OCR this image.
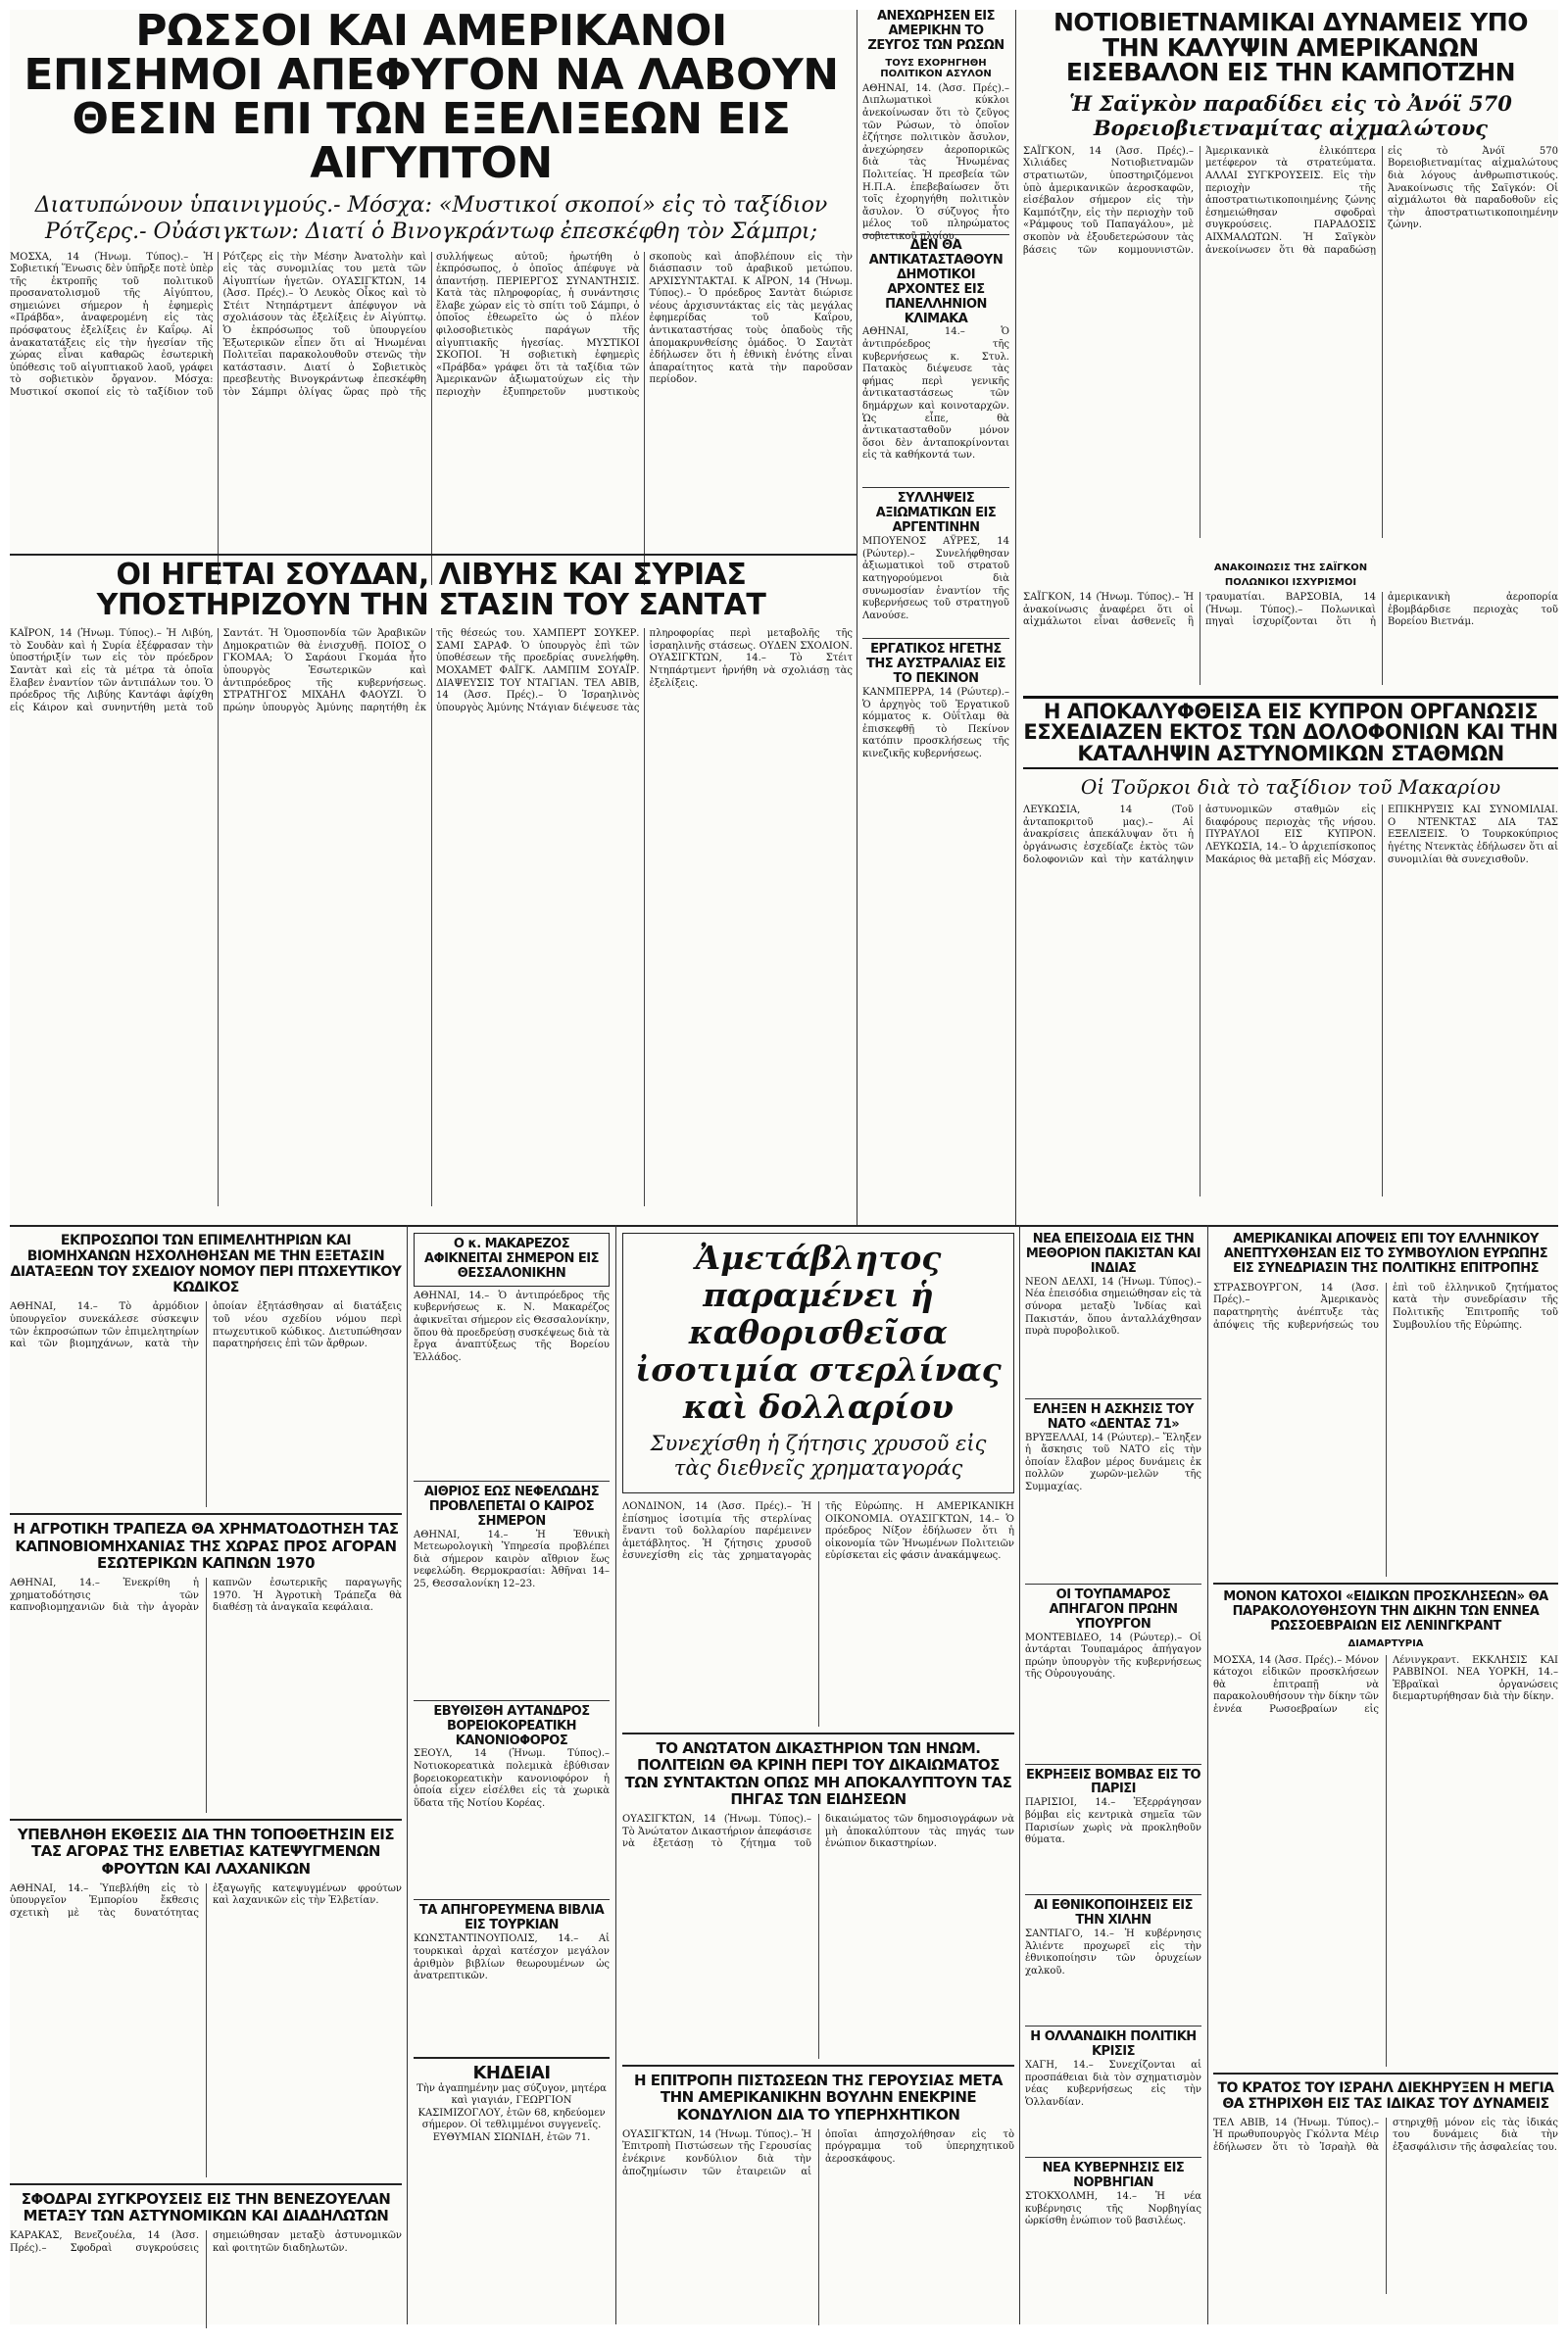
ΡΩΣΣΟΙ ΚΑΙ ΑΜΕΡΙΚΑΝΟΙ ΕΠΙΣΗΜΟΙ ΑΠΕΦΥΓΟΝ ΝΑ ΛΑΒΟΥΝ ΘΕΣΙΝ ΕΠΙ ΤΩΝ ΕΞΕΛΙΞΕΩΝ ΕΙΣ ΑΙΓΥΠΤΟΝ

Διατυπώνουν ὑπαινιγμούς.- Μόσχα: «Μυστικοί σκοποί» εἰς τὸ ταξίδιον Ρότζερς.- Οὐάσιγκτων: Διατί ὁ Βινογκράντωφ ἐπεσκέφθη τὸν Σάμπρι;

ΜΟΣΧΑ, 14 (Ἡνωμ. Τύπος).– Ἡ Σοβιετική Ἕνωσις δὲν ὑπῆρξε ποτὲ ὑπὲρ τῆς ἐκτροπῆς τοῦ πολιτικοῦ προσανατολισμοῦ τῆς Αἰγύπτου, σημειώνει σήμερον ἡ ἐφημερὶς «Πράβδα», ἀναφερομένη εἰς τὰς πρόσφατους ἐξελίξεις ἐν Καΐρῳ. Αἱ ἀνακατατάξεις εἰς τὴν ἡγεσίαν τῆς χώρας εἶναι καθαρῶς ἐσωτερικὴ ὑπόθεσις τοῦ αἰγυπτιακοῦ λαοῦ, γράφει τὸ σοβιετικὸν ὄργανον. Μόσχα: Μυστικοί σκοποί εἰς τὸ ταξίδιον τοῦ Ρότζερς εἰς τὴν Μέσην Ἀνατολὴν καὶ εἰς τὰς συνομιλίας του μετὰ τῶν Αἰγυπτίων ἡγετῶν. ΟΥΑΣΙΓΚΤΩΝ, 14 (Ἀσσ. Πρές).– Ὁ Λευκὸς Οἶκος καὶ τὸ Στέιτ Ντηπάρτμεντ ἀπέφυγον νὰ σχολιάσουν τὰς ἐξελίξεις ἐν Αἰγύπτῳ. Ὁ ἐκπρόσωπος τοῦ ὑπουργείου Ἐξωτερικῶν εἶπεν ὅτι αἱ Ἡνωμέναι Πολιτεῖαι παρακολουθοῦν στενῶς τὴν κατάστασιν. Διατί ὁ Σοβιετικὸς πρεσβευτὴς Βινογκράντωφ ἐπεσκέφθη τὸν Σάμπρι ὀλίγας ὥρας πρὸ τῆς συλλήψεως αὐτοῦ; ἠρωτήθη ὁ ἐκπρόσωπος, ὁ ὁποῖος ἀπέφυγε νὰ ἀπαντήσῃ. ΠΕΡΙΕΡΓΟΣ ΣΥΝΑΝΤΗΣΙΣ. Κατὰ τὰς πληροφορίας, ἡ συνάντησις ἔλαβε χώραν εἰς τὸ σπίτι τοῦ Σάμπρι, ὁ ὁποῖος ἐθεωρεῖτο ὡς ὁ πλέον φιλοσοβιετικὸς παράγων τῆς αἰγυπτιακῆς ἡγεσίας. ΜΥΣΤΙΚΟΙ ΣΚΟΠΟΙ. Ἡ σοβιετικὴ ἐφημερὶς «Πράβδα» γράφει ὅτι τὰ ταξίδια τῶν Ἀμερικανῶν ἀξιωματούχων εἰς τὴν περιοχὴν ἐξυπηρετοῦν μυστικοὺς σκοποὺς καὶ ἀποβλέπουν εἰς τὴν διάσπασιν τοῦ ἀραβικοῦ μετώπου. ΑΡΧΙΣΥΝΤΑΚΤΑΙ. Κ ΑΪΡΟΝ, 14 (Ἡνωμ. Τύπος).– Ὁ πρόεδρος Σαντὰτ διώρισε νέους ἀρχισυντάκτας εἰς τὰς μεγάλας ἐφημερίδας τοῦ Καΐρου, ἀντικαταστήσας τοὺς ὀπαδοὺς τῆς ἀπομακρυνθείσης ὁμάδος. Ὁ Σαντὰτ ἐδήλωσεν ὅτι ἡ ἐθνικὴ ἑνότης εἶναι ἀπαραίτητος κατὰ τὴν παροῦσαν περίοδον.

ΑΝΕΧΩΡΗΣΕΝ ΕΙΣ ΑΜΕΡΙΚΗΝ ΤΟ ΖΕΥΓΟΣ ΤΩΝ ΡΩΣΩΝ
ΤΟΥΣ ΕΧΟΡΗΓΗΘΗ ΠΟΛΙΤΙΚΟΝ ΑΣΥΛΟΝ

ΑΘΗΝΑΙ, 14. (Ἀσσ. Πρές).– Διπλωματικοὶ κύκλοι ἀνεκοίνωσαν ὅτι τὸ ζεῦγος τῶν Ρώσων, τὸ ὁποῖον ἐζήτησε πολιτικὸν ἄσυλον, ἀνεχώρησεν ἀεροπορικῶς διὰ τὰς Ἡνωμένας Πολιτείας. Ἡ πρεσβεία τῶν Η.Π.Α. ἐπεβεβαίωσεν ὅτι τοῖς ἐχορηγήθη πολιτικὸν ἄσυλον. Ὁ σύζυγος ἦτο μέλος τοῦ πληρώματος σοβιετικοῦ πλοίου.

ΔΕΝ ΘΑ ΑΝΤΙΚΑΤΑΣΤΑΘΟΥΝ ΔΗΜΟΤΙΚΟΙ ΑΡΧΟΝΤΕΣ ΕΙΣ ΠΑΝΕΛΛΗΝΙΟΝ ΚΛΙΜΑΚΑ

ΑΘΗΝΑΙ, 14.– Ὁ ἀντιπρόεδρος τῆς κυβερνήσεως κ. Στυλ. Πατακὸς διέψευσε τὰς φήμας περὶ γενικῆς ἀντικαταστάσεως τῶν δημάρχων καὶ κοινοταρχῶν. Ὡς εἶπε, θὰ ἀντικατασταθοῦν μόνον ὅσοι δὲν ἀνταποκρίνονται εἰς τὰ καθήκοντά των.

ΣΥΛΛΗΨΕΙΣ ΑΞΙΩΜΑΤΙΚΩΝ ΕΙΣ ΑΡΓΕΝΤΙΝΗΝ

ΜΠΟΥΕΝΟΣ ΑΫΡΕΣ, 14 (Ρώυτερ).– Συνελήφθησαν ἀξιωματικοὶ τοῦ στρατοῦ κατηγορούμενοι διὰ συνωμοσίαν ἐναντίον τῆς κυβερνήσεως τοῦ στρατηγοῦ Λανούσε.

ΕΡΓΑΤΙΚΟΣ ΗΓΕΤΗΣ ΤΗΣ ΑΥΣΤΡΑΛΙΑΣ ΕΙΣ ΤΟ ΠΕΚΙΝΟΝ

ΚΑΝΜΠΕΡΡΑ, 14 (Ρώυτερ).– Ὁ ἀρχηγὸς τοῦ Ἐργατικοῦ κόμματος κ. Οὐΐτλαμ θὰ ἐπισκεφθῇ τὸ Πεκίνον κατόπιν προσκλήσεως τῆς κινεζικῆς κυβερνήσεως.

ΝΟΤΙΟΒΙΕΤΝΑΜΙΚΑΙ ΔΥΝΑΜΕΙΣ ΥΠΟ ΤΗΝ ΚΑΛΥΨΙΝ ΑΜΕΡΙΚΑΝΩΝ ΕΙΣΕΒΑΛΟΝ ΕΙΣ ΤΗΝ ΚΑΜΠΟΤΖΗΝ

Ἡ Σαϊγκὸν παραδίδει εἰς τὸ Ἀνόϊ 570 Βορειοβιετναμίτας αἰχμαλώτους

ΣΑΪΓΚΟΝ, 14 (Ἀσσ. Πρές).– Χιλιάδες Νοτιοβιετναμῶν στρατιωτῶν, ὑποστηριζόμενοι ὑπὸ ἀμερικανικῶν ἀεροσκαφῶν, εἰσέβαλον σήμερον εἰς τὴν Καμπότζην, εἰς τὴν περιοχὴν τοῦ «Ράμφους τοῦ Παπαγάλου», μὲ σκοπὸν νὰ ἐξουδετερώσουν τὰς βάσεις τῶν κομμουνιστῶν. Ἀμερικανικὰ ἐλικόπτερα μετέφερον τὰ στρατεύματα. ΑΛΛΑΙ ΣΥΓΚΡΟΥΣΕΙΣ. Εἰς τὴν περιοχὴν τῆς ἀποστρατιωτικοποιημένης ζώνης ἐσημειώθησαν σφοδραὶ συγκρούσεις. ΠΑΡΑΔΟΣΙΣ ΑΙΧΜΑΛΩΤΩΝ. Ἡ Σαϊγκὸν ἀνεκοίνωσεν ὅτι θὰ παραδώσῃ εἰς τὸ Ἀνόϊ 570 Βορειοβιετναμίτας αἰχμαλώτους διὰ λόγους ἀνθρωπιστικούς. Ἀνακοίνωσις τῆς Σαϊγκόν: Οἱ αἰχμάλωτοι θὰ παραδοθοῦν εἰς τὴν ἀποστρατιωτικοποιημένην ζώνην.

ΑΝΑΚΟΙΝΩΣΙΣ ΤΗΣ ΣΑΪΓΚΟΝ
ΠΟΛΩΝΙΚΟΙ ΙΣΧΥΡΙΣΜΟΙ

ΣΑΪΓΚΟΝ, 14 (Ἡνωμ. Τύπος).– Ἡ ἀνακοίνωσις ἀναφέρει ὅτι οἱ αἰχμάλωτοι εἶναι ἀσθενεῖς ἢ τραυματίαι. ΒΑΡΣΟΒΙΑ, 14 (Ἡνωμ. Τύπος).– Πολωνικαὶ πηγαὶ ἰσχυρίζονται ὅτι ἡ ἀμερικανικὴ ἀεροπορία ἐβομβάρδισε περιοχὰς τοῦ Βορείου Βιετνάμ.

ΟΙ ΗΓΕΤΑΙ ΣΟΥΔΑΝ, ΛΙΒΥΗΣ ΚΑΙ ΣΥΡΙΑΣ ΥΠΟΣΤΗΡΙΖΟΥΝ ΤΗΝ ΣΤΑΣΙΝ ΤΟΥ ΣΑΝΤΑΤ

ΚΑΪΡΟΝ, 14 (Ἡνωμ. Τύπος).– Ἡ Λιβύη, τὸ Σουδὰν καὶ ἡ Συρία ἐξέφρασαν τὴν ὑποστήριξίν των εἰς τὸν πρόεδρον Σαντὰτ καὶ εἰς τὰ μέτρα τὰ ὁποῖα ἔλαβεν ἐναντίον τῶν ἀντιπάλων του. Ὁ πρόεδρος τῆς Λιβύης Καντάφι ἀφίχθη εἰς Κάιρον καὶ συνηντήθη μετὰ τοῦ Σαντάτ. Ἡ Ὁμοσπονδία τῶν Ἀραβικῶν Δημοκρατιῶν θὰ ἐνισχυθῇ. ΠΟΙΟΣ Ο ΓΚΟΜΑΑ; Ὁ Σαράουι Γκομάα ἦτο ὑπουργὸς Ἐσωτερικῶν καὶ ἀντιπρόεδρος τῆς κυβερνήσεως. ΣΤΡΑΤΗΓΟΣ ΜΙΧΑΗΛ ΦΑΟΥΖΙ. Ὁ πρώην ὑπουργὸς Ἀμύνης παρητήθη ἐκ τῆς θέσεώς του. ΧΑΜΠΕΡΤ ΣΟΥΚΕΡ. ΣΑΜΙ ΣΑΡΑΦ. Ὁ ὑπουργὸς ἐπὶ τῶν ὑποθέσεων τῆς προεδρίας συνελήφθη. ΜΟΧΑΜΕΤ ΦΑΪΓΚ. ΛΑΜΠΙΜ ΣΟΥΑΪΡ. ΔΙΑΨΕΥΣΙΣ ΤΟΥ ΝΤΑΓΙΑΝ. ΤΕΛ ΑΒΙΒ, 14 (Ἀσσ. Πρές).– Ὁ Ἰσραηλινὸς ὑπουργὸς Ἀμύνης Ντάγιαν διέψευσε τὰς πληροφορίας περὶ μεταβολῆς τῆς ἰσραηλινῆς στάσεως. ΟΥΔΕΝ ΣΧΟΛΙΟΝ. ΟΥΑΣΙΓΚΤΩΝ, 14.– Τὸ Στέιτ Ντηπάρτμεντ ἠρνήθη νὰ σχολιάσῃ τὰς ἐξελίξεις.

Η ΑΠΟΚΑΛΥΦΘΕΙΣΑ ΕΙΣ ΚΥΠΡΟΝ ΟΡΓΑΝΩΣΙΣ ΕΣΧΕΔΙΑΖΕΝ ΕΚΤΟΣ ΤΩΝ ΔΟΛΟΦΟΝΙΩΝ ΚΑΙ ΤΗΝ ΚΑΤΑΛΗΨΙΝ ΑΣΤΥΝΟΜΙΚΩΝ ΣΤΑΘΜΩΝ

Οἱ Τοῦρκοι διὰ τὸ ταξίδιον τοῦ Μακαρίου

ΛΕΥΚΩΣΙΑ, 14 (Τοῦ ἀνταποκριτοῦ μας).– Αἱ ἀνακρίσεις ἀπεκάλυψαν ὅτι ἡ ὀργάνωσις ἐσχεδίαζε ἐκτὸς τῶν δολοφονιῶν καὶ τὴν κατάληψιν ἀστυνομικῶν σταθμῶν εἰς διαφόρους περιοχὰς τῆς νήσου. ΠΥΡΑΥΛΟΙ ΕΙΣ ΚΥΠΡΟΝ. ΛΕΥΚΩΣΙΑ, 14.– Ὁ ἀρχιεπίσκοπος Μακάριος θὰ μεταβῇ εἰς Μόσχαν. ΕΠΙΚΗΡΥΞΙΣ ΚΑΙ ΣΥΝΟΜΙΛΙΑΙ. Ο ΝΤΕΝΚΤΑΣ ΔΙΑ ΤΑΣ ΕΞΕΛΙΞΕΙΣ. Ὁ Τουρκοκύπριος ἡγέτης Ντενκτὰς ἐδήλωσεν ὅτι αἱ συνομιλίαι θὰ συνεχισθοῦν.

ΕΚΠΡΟΣΩΠΟΙ ΤΩΝ ΕΠΙΜΕΛΗΤΗΡΙΩΝ ΚΑΙ ΒΙΟΜΗΧΑΝΩΝ ΗΣΧΟΛΗΘΗΣΑΝ ΜΕ ΤΗΝ ΕΞΕΤΑΣΙΝ ΔΙΑΤΑΞΕΩΝ ΤΟΥ ΣΧΕΔΙΟΥ ΝΟΜΟΥ ΠΕΡΙ ΠΤΩΧΕΥΤΙΚΟΥ ΚΩΔΙΚΟΣ

ΑΘΗΝΑΙ, 14.– Τὸ ἀρμόδιον ὑπουργεῖον συνεκάλεσε σύσκεψιν τῶν ἐκπροσώπων τῶν ἐπιμελητηρίων καὶ τῶν βιομηχάνων, κατὰ τὴν ὁποίαν ἐξητάσθησαν αἱ διατάξεις τοῦ νέου σχεδίου νόμου περὶ πτωχευτικοῦ κώδικος. Διετυπώθησαν παρατηρήσεις ἐπὶ τῶν ἄρθρων.

Η ΑΓΡΟΤΙΚΗ ΤΡΑΠΕΖΑ ΘΑ ΧΡΗΜΑΤΟΔΟΤΗΣΗ ΤΑΣ ΚΑΠΝΟΒΙΟΜΗΧΑΝΙΑΣ ΤΗΣ ΧΩΡΑΣ ΠΡΟΣ ΑΓΟΡΑΝ ΕΣΩΤΕΡΙΚΩΝ ΚΑΠΝΩΝ 1970

ΑΘΗΝΑΙ, 14.– Ἐνεκρίθη ἡ χρηματοδότησις τῶν καπνοβιομηχανιῶν διὰ τὴν ἀγορὰν καπνῶν ἐσωτερικῆς παραγωγῆς 1970. Ἡ Ἀγροτικὴ Τράπεζα θὰ διαθέσῃ τὰ ἀναγκαῖα κεφάλαια.

ΥΠΕΒΛΗΘΗ ΕΚΘΕΣΙΣ ΔΙΑ ΤΗΝ ΤΟΠΟΘΕΤΗΣΙΝ ΕΙΣ ΤΑΣ ΑΓΟΡΑΣ ΤΗΣ ΕΛΒΕΤΙΑΣ ΚΑΤΕΨΥΓΜΕΝΩΝ ΦΡΟΥΤΩΝ ΚΑΙ ΛΑΧΑΝΙΚΩΝ

ΑΘΗΝΑΙ, 14.– Ὑπεβλήθη εἰς τὸ ὑπουργεῖον Ἐμπορίου ἔκθεσις σχετικὴ μὲ τὰς δυνατότητας ἐξαγωγῆς κατεψυγμένων φρούτων καὶ λαχανικῶν εἰς τὴν Ἑλβετίαν.

ΣΦΟΔΡΑΙ ΣΥΓΚΡΟΥΣΕΙΣ ΕΙΣ ΤΗΝ ΒΕΝΕΖΟΥΕΛΑΝ ΜΕΤΑΞΥ ΤΩΝ ΑΣΤΥΝΟΜΙΚΩΝ ΚΑΙ ΔΙΑΔΗΛΩΤΩΝ

ΚΑΡΑΚΑΣ, Βενεζουέλα, 14 (Ἀσσ. Πρές).– Σφοδραὶ συγκρούσεις σημειώθησαν μεταξὺ ἀστυνομικῶν καὶ φοιτητῶν διαδηλωτῶν.

Ο κ. ΜΑΚΑΡΕΖΟΣ ΑΦΙΚΝΕΙΤΑΙ ΣΗΜΕΡΟΝ ΕΙΣ ΘΕΣΣΑΛΟΝΙΚΗΝ

ΑΘΗΝΑΙ, 14.– Ὁ ἀντιπρόεδρος τῆς κυβερνήσεως κ. Ν. Μακαρέζος ἀφικνεῖται σήμερον εἰς Θεσσαλονίκην, ὅπου θὰ προεδρεύσῃ συσκέψεως διὰ τὰ ἔργα ἀναπτύξεως τῆς Βορείου Ἑλλάδος.

ΑΙΘΡΙΟΣ ΕΩΣ ΝΕΦΕΛΩΔΗΣ ΠΡΟΒΛΕΠΕΤΑΙ Ο ΚΑΙΡΟΣ ΣΗΜΕΡΟΝ

ΑΘΗΝΑΙ, 14.– Ἡ Ἐθνικὴ Μετεωρολογικὴ Ὑπηρεσία προβλέπει διὰ σήμερον καιρὸν αἴθριον ἕως νεφελώδη. Θερμοκρασίαι: Ἀθῆναι 14–25, Θεσσαλονίκη 12–23.

ΕΒΥΘΙΣΘΗ ΑΥΤΑΝΔΡΟΣ ΒΟΡΕΙΟΚΟΡΕΑΤΙΚΗ ΚΑΝΟΝΙΟΦΟΡΟΣ

ΣΕΟΥΛ, 14 (Ἡνωμ. Τύπος).– Νοτιοκορεατικὰ πολεμικὰ ἐβύθισαν βορειοκορεατικὴν κανονιοφόρον ἡ ὁποία εἶχεν εἰσέλθει εἰς τὰ χωρικὰ ὕδατα τῆς Νοτίου Κορέας.

ΤΑ ΑΠΗΓΟΡΕΥΜΕΝΑ ΒΙΒΛΙΑ ΕΙΣ ΤΟΥΡΚΙΑΝ

ΚΩΝΣΤΑΝΤΙΝΟΥΠΟΛΙΣ, 14.– Αἱ τουρκικαὶ ἀρχαὶ κατέσχον μεγάλον ἀριθμὸν βιβλίων θεωρουμένων ὡς ἀνατρεπτικῶν.

ΚΗΔΕΙΑΙ

Τὴν ἀγαπημένην μας σύζυγον, μητέρα καὶ γιαγιάν, ΓΕΩΡΓΙΟΝ ΚΑΣΙΜΙΖΟΓΛΟΥ, ἐτῶν 68, κηδεύομεν σήμερον. Οἱ τεθλιμμένοι συγγενεῖς. ΕΥΘΥΜΙΑΝ ΣΙΩΝΙΔΗ, ἐτῶν 71.

Ἀμετάβλητος παραμένει ἡ καθορισθεῖσα ἰσοτιμία στερλίνας καὶ δολλαρίου

Συνεχίσθη ἡ ζήτησις χρυσοῦ εἰς τὰς διεθνεῖς χρηματαγοράς

ΛΟΝΔΙΝΟΝ, 14 (Ἀσσ. Πρές).– Ἡ ἐπίσημος ἰσοτιμία τῆς στερλίνας ἔναντι τοῦ δολλαρίου παρέμεινεν ἀμετάβλητος. Ἡ ζήτησις χρυσοῦ ἐσυνεχίσθη εἰς τὰς χρηματαγορὰς τῆς Εὐρώπης. Η ΑΜΕΡΙΚΑΝΙΚΗ ΟΙΚΟΝΟΜΙΑ. ΟΥΑΣΙΓΚΤΩΝ, 14.– Ὁ πρόεδρος Νίξον ἐδήλωσεν ὅτι ἡ οἰκονομία τῶν Ἡνωμένων Πολιτειῶν εὑρίσκεται εἰς φάσιν ἀνακάμψεως.

ΤΟ ΑΝΩΤΑΤΟΝ ΔΙΚΑΣΤΗΡΙΟΝ ΤΩΝ ΗΝΩΜ. ΠΟΛΙΤΕΙΩΝ ΘΑ ΚΡΙΝΗ ΠΕΡΙ ΤΟΥ ΔΙΚΑΙΩΜΑΤΟΣ ΤΩΝ ΣΥΝΤΑΚΤΩΝ ΟΠΩΣ ΜΗ ΑΠΟΚΑΛΥΠΤΟΥΝ ΤΑΣ ΠΗΓΑΣ ΤΩΝ ΕΙΔΗΣΕΩΝ

ΟΥΑΣΙΓΚΤΩΝ, 14 (Ἡνωμ. Τύπος).– Τὸ Ἀνώτατον Δικαστήριον ἀπεφάσισε νὰ ἐξετάσῃ τὸ ζήτημα τοῦ δικαιώματος τῶν δημοσιογράφων νὰ μὴ ἀποκαλύπτουν τὰς πηγάς των ἐνώπιον δικαστηρίων.

Η ΕΠΙΤΡΟΠΗ ΠΙΣΤΩΣΕΩΝ ΤΗΣ ΓΕΡΟΥΣΙΑΣ ΜΕΤΑ ΤΗΝ ΑΜΕΡΙΚΑΝΙΚΗΝ ΒΟΥΛΗΝ ΕΝΕΚΡΙΝΕ ΚΟΝΔΥΛΙΟΝ ΔΙΑ ΤΟ ΥΠΕΡΗΧΗΤΙΚΟΝ

ΟΥΑΣΙΓΚΤΩΝ, 14 (Ἡνωμ. Τύπος).– Ἡ Ἐπιτροπὴ Πιστώσεων τῆς Γερουσίας ἐνέκρινε κονδύλιον διὰ τὴν ἀποζημίωσιν τῶν ἐταιρειῶν αἱ ὁποῖαι ἀπησχολήθησαν εἰς τὸ πρόγραμμα τοῦ ὑπερηχητικοῦ ἀεροσκάφους.

ΝΕΑ ΕΠΕΙΣΟΔΙΑ ΕΙΣ ΤΗΝ ΜΕΘΟΡΙΟΝ ΠΑΚΙΣΤΑΝ ΚΑΙ ΙΝΔΙΑΣ

ΝΕΟΝ ΔΕΛΧΙ, 14 (Ἡνωμ. Τύπος).– Νέα ἐπεισόδια σημειώθησαν εἰς τὰ σύνορα μεταξὺ Ἰνδίας καὶ Πακιστάν, ὅπου ἀνταλλάχθησαν πυρὰ πυροβολικοῦ.

ΕΛΗΞΕΝ Η ΑΣΚΗΣΙΣ ΤΟΥ ΝΑΤΟ «ΔΕΝΤΑΣ 71»

ΒΡΥΞΕΛΛΑΙ, 14 (Ρώυτερ).– Ἔληξεν ἡ ἄσκησις τοῦ ΝΑΤΟ εἰς τὴν ὁποίαν ἔλαβον μέρος δυνάμεις ἐκ πολλῶν χωρῶν-μελῶν τῆς Συμμαχίας.

ΟΙ ΤΟΥΠΑΜΑΡΟΣ ΑΠΗΓΑΓΟΝ ΠΡΩΗΝ ΥΠΟΥΡΓΟΝ

ΜΟΝΤΕΒΙΔΕΟ, 14 (Ρώυτερ).– Οἱ ἀντάρται Τουπαμάρος ἀπήγαγον πρώην ὑπουργὸν τῆς κυβερνήσεως τῆς Οὐρουγουάης.

ΕΚΡΗΞΕΙΣ ΒΟΜΒΑΣ ΕΙΣ ΤΟ ΠΑΡΙΣΙ

ΠΑΡΙΣΙΟΙ, 14.– Ἐξερράγησαν βόμβαι εἰς κεντρικὰ σημεῖα τῶν Παρισίων χωρὶς νὰ προκληθοῦν θύματα.

ΑΙ ΕΘΝΙΚΟΠΟΙΗΣΕΙΣ ΕΙΣ ΤΗΝ ΧΙΛΗΝ

ΣΑΝΤΙΑΓΟ, 14.– Ἡ κυβέρνησις Ἀλιέντε προχωρεῖ εἰς τὴν ἐθνικοποίησιν τῶν ὀρυχείων χαλκοῦ.

Η ΟΛΛΑΝΔΙΚΗ ΠΟΛΙΤΙΚΗ ΚΡΙΣΙΣ

ΧΑΓΗ, 14.– Συνεχίζονται αἱ προσπάθειαι διὰ τὸν σχηματισμὸν νέας κυβερνήσεως εἰς τὴν Ὁλλανδίαν.

ΝΕΑ ΚΥΒΕΡΝΗΣΙΣ ΕΙΣ ΝΟΡΒΗΓΙΑΝ

ΣΤΟΚΧΟΛΜΗ, 14.– Ἡ νέα κυβέρνησις τῆς Νορβηγίας ὡρκίσθη ἐνώπιον τοῦ βασιλέως.

ΑΜΕΡΙΚΑΝΙΚΑΙ ΑΠΟΨΕΙΣ ΕΠΙ ΤΟΥ ΕΛΛΗΝΙΚΟΥ ΑΝΕΠΤΥΧΘΗΣΑΝ ΕΙΣ ΤΟ ΣΥΜΒΟΥΛΙΟΝ ΕΥΡΩΠΗΣ ΕΙΣ ΣΥΝΕΔΡΙΑΣΙΝ ΤΗΣ ΠΟΛΙΤΙΚΗΣ ΕΠΙΤΡΟΠΗΣ

ΣΤΡΑΣΒΟΥΡΓΟΝ, 14 (Ἀσσ. Πρές).– Ἀμερικανὸς παρατηρητὴς ἀνέπτυξε τὰς ἀπόψεις τῆς κυβερνήσεώς του ἐπὶ τοῦ ἑλληνικοῦ ζητήματος κατὰ τὴν συνεδρίασιν τῆς Πολιτικῆς Ἐπιτροπῆς τοῦ Συμβουλίου τῆς Εὐρώπης.

ΜΟΝΟΝ ΚΑΤΟΧΟΙ «ΕΙΔΙΚΩΝ ΠΡΟΣΚΛΗΣΕΩΝ» ΘΑ ΠΑΡΑΚΟΛΟΥΘΗΣΟΥΝ ΤΗΝ ΔΙΚΗΝ ΤΩΝ ΕΝΝΕΑ ΡΩΣΣΟΕΒΡΑΙΩΝ ΕΙΣ ΛΕΝΙΝΓΚΡΑΝΤ
ΔΙΑΜΑΡΤΥΡΙΑ

ΜΟΣΧΑ, 14 (Ἀσσ. Πρές).– Μόνον κάτοχοι εἰδικῶν προσκλήσεων θὰ ἐπιτραπῇ νὰ παρακολουθήσουν τὴν δίκην τῶν ἐννέα Ρωσοεβραίων εἰς Λένινγκραντ. ΕΚΚΛΗΣΙΣ ΚΑΙ ΡΑΒΒΙΝΟΙ. ΝΕΑ ΥΟΡΚΗ, 14.– Ἑβραϊκαὶ ὀργανώσεις διεμαρτυρήθησαν διὰ τὴν δίκην.

ΤΟ ΚΡΑΤΟΣ ΤΟΥ ΙΣΡΑΗΛ ΔΙΕΚΗΡΥΞΕΝ Η ΜΕΓΙΑ ΘΑ ΣΤΗΡΙΧΘΗ ΕΙΣ ΤΑΣ ΙΔΙΚΑΣ ΤΟΥ ΔΥΝΑΜΕΙΣ

ΤΕΛ ΑΒΙΒ, 14 (Ἡνωμ. Τύπος).– Ἡ πρωθυπουργὸς Γκόλντα Μέιρ ἐδήλωσεν ὅτι τὸ Ἰσραὴλ θὰ στηριχθῇ μόνον εἰς τὰς ἰδικάς του δυνάμεις διὰ τὴν ἐξασφάλισιν τῆς ἀσφαλείας του.
